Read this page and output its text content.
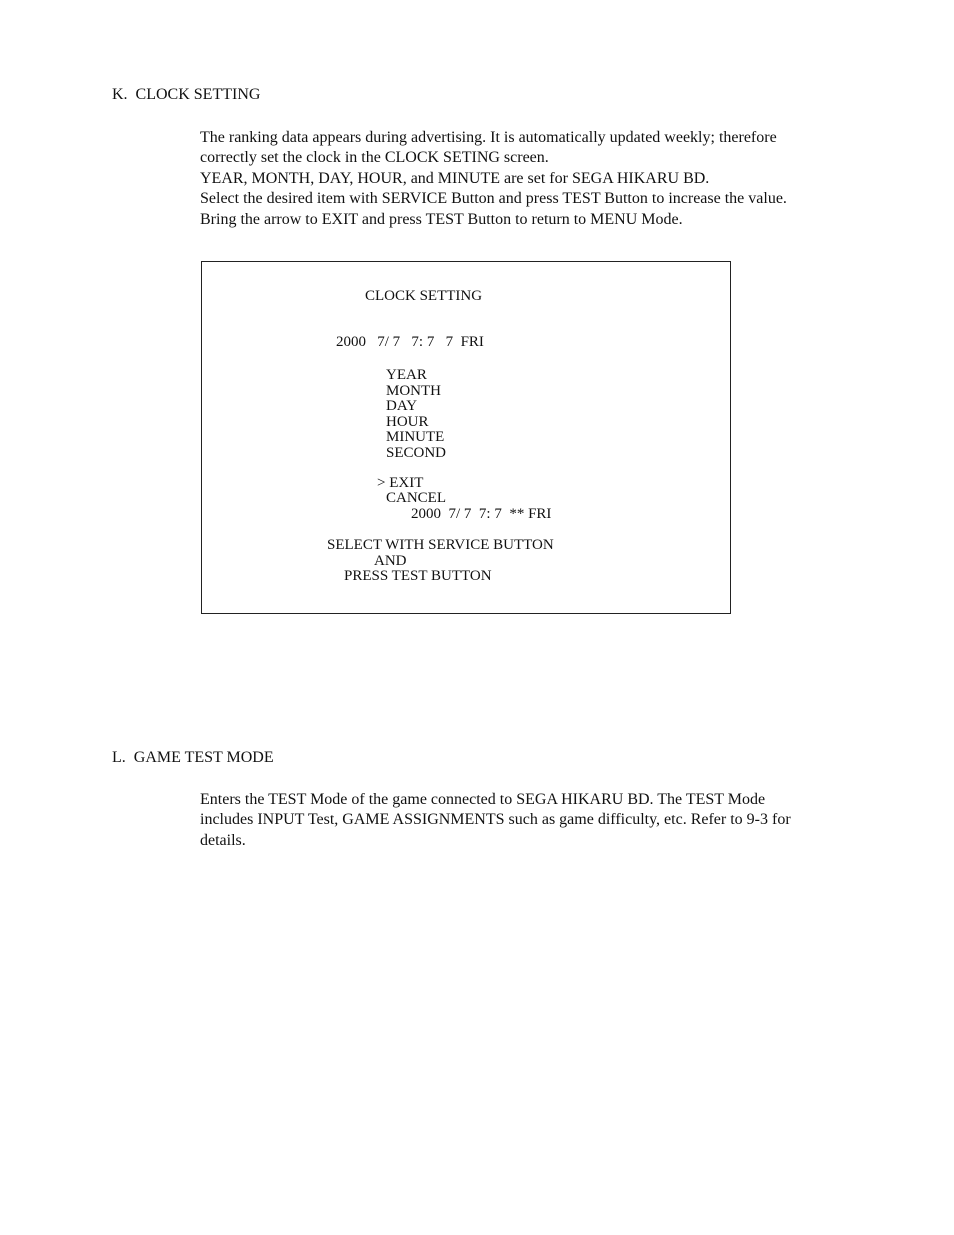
K.  CLOCK SETTING
The ranking data appears during advertising. It is automatically updated weekly; therefore
correctly set the clock in the CLOCK SETING screen.
YEAR, MONTH, DAY, HOUR, and MINUTE are set for SEGA HIKARU BD.
Select the desired item with SERVICE Button and press TEST Button to increase the value.
Bring the arrow to EXIT and press TEST Button to return to MENU Mode.
CLOCK SETTING
2000   7/ 7   7: 7   7  FRI
YEAR
MONTH
DAY
HOUR
MINUTE
SECOND
> EXIT
CANCEL
2000  7/ 7  7: 7  ** FRI
SELECT WITH SERVICE BUTTON
AND
PRESS TEST BUTTON
L.  GAME TEST MODE
Enters the TEST Mode of the game connected to SEGA HIKARU BD. The TEST Mode
includes INPUT Test, GAME ASSIGNMENTS such as game difficulty, etc. Refer to 9-3 for
details.
